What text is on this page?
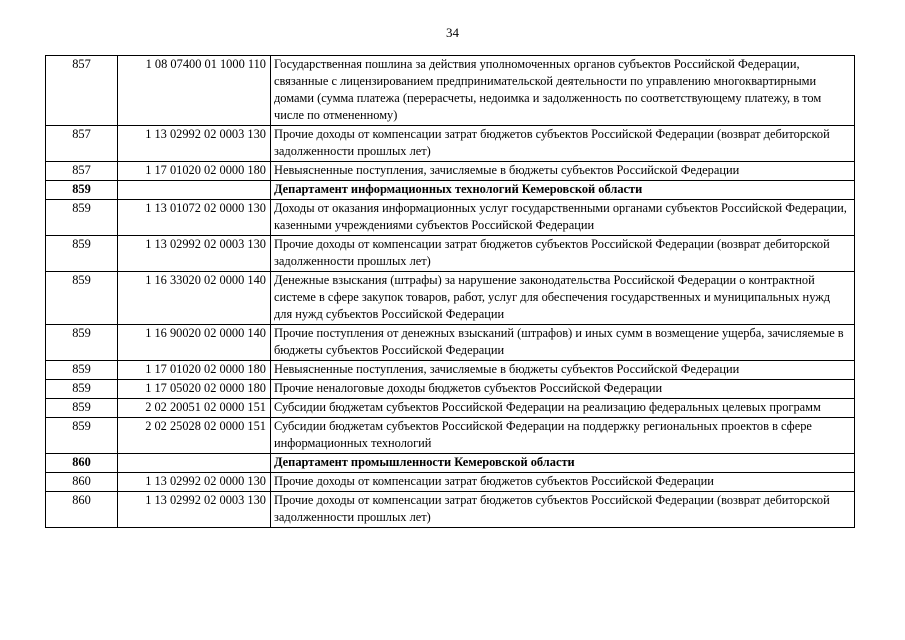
34
857	1 08 07400 01 1000 110	Государственная пошлина за действия уполномоченных органов субъектов Российской Федерации, связанные с лицензированием предпринимательской деятельности по управлению многоквартирными домами (сумма платежа (перерасчеты, недоимка и задолженность по соответствующему платежу, в том числе по отмененному)
857	1 13 02992 02 0003 130	Прочие доходы от компенсации затрат бюджетов субъектов Российской Федерации (возврат дебиторской задолженности прошлых лет)
857	1 17 01020 02 0000 180	Невыясненные поступления, зачисляемые в бюджеты субъектов Российской Федерации
859		Департамент информационных технологий Кемеровской области
859	1 13 01072 02 0000 130	Доходы от оказания информационных услуг государственными органами субъектов Российской Федерации, казенными учреждениями субъектов Российской Федерации
859	1 13 02992 02 0003 130	Прочие доходы от компенсации затрат бюджетов субъектов Российской Федерации (возврат дебиторской задолженности прошлых лет)
859	1 16 33020 02 0000 140	Денежные взыскания (штрафы) за нарушение законодательства Российской Федерации о контрактной системе в сфере закупок товаров, работ, услуг для обеспечения государственных и муниципальных нужд для нужд субъектов Российской Федерации
859	1 16 90020 02 0000 140	Прочие поступления от денежных взысканий (штрафов) и иных сумм в возмещение ущерба, зачисляемые в бюджеты субъектов Российской Федерации
859	1 17 01020 02 0000 180	Невыясненные поступления, зачисляемые в бюджеты субъектов Российской Федерации
859	1 17 05020 02 0000 180	Прочие неналоговые доходы бюджетов субъектов Российской Федерации
859	2 02 20051 02 0000 151	Субсидии бюджетам субъектов Российской Федерации на реализацию федеральных целевых программ
859	2 02 25028 02 0000 151	Субсидии бюджетам субъектов Российской Федерации на поддержку региональных проектов в сфере информационных технологий
860		Департамент промышленности Кемеровской области
860	1 13 02992 02 0000 130	Прочие доходы от компенсации затрат бюджетов субъектов Российской Федерации
860	1 13 02992 02 0003 130	Прочие доходы от компенсации затрат бюджетов субъектов Российской Федерации (возврат дебиторской задолженности прошлых лет)
